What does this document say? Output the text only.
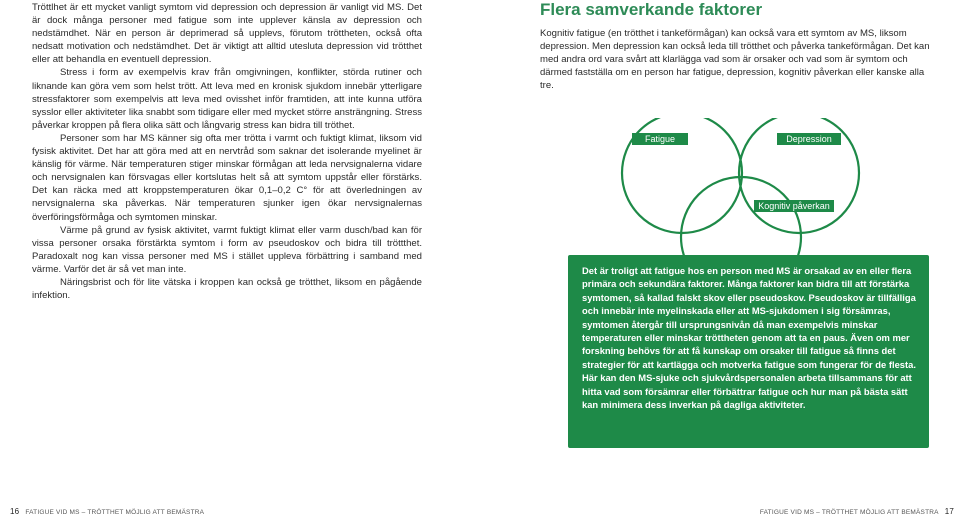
Tröttlhet är ett mycket vanligt symtom vid depression och depression är vanligt vid MS. Det är dock många personer med fatigue som inte upplever känsla av depression och nedstämdhet. När en person är deprimerad så upplevs, förutom tröttheten, också ofta nedsatt motivation och nedstämdhet. Det är viktigt att alltid utesluta depression vid trötthet eller att behandla en eventuell depression.

Stress i form av exempelvis krav från omgivningen, konflikter, störda rutiner och liknande kan göra vem som helst trött. Att leva med en kronisk sjukdom innebär ytterligare stressfaktorer som exempelvis att leva med ovisshet inför framtiden, att inte kunna utföra sysslor eller aktiviteter lika snabbt som tidigare eller med mycket större ansträngning. Stress påverkar kroppen på flera olika sätt och långvarig stress kan bidra till tröthet.

Personer som har MS känner sig ofta mer trötta i varmt och fuktigt klimat, liksom vid fysisk aktivitet. Det har att göra med att en nervtråd som saknar det isolerande myelinet är känslig för värme. När temperaturen stiger minskar förmågan att leda nervsignalerna vidare och nervsignalen kan försvagas eller kortslutas helt så att symtom uppstår eller förstärks. Det kan räcka med att kroppstemperaturen ökar 0,1–0,2 C° för att överledningen av nervsignalerna ska påverkas. När temperaturen sjunker igen ökar nervsignalernas överföringsförmåga och symtomen minskar.

Värme på grund av fysisk aktivitet, varmt fuktigt klimat eller varm dusch/bad kan för vissa personer orsaka förstärkta symtom i form av pseudoskov och bidra till tröttthet. Paradoxalt nog kan vissa personer med MS i stället uppleva förbättring i samband med värme. Varför det är så vet man inte.

Näringsbrist och för lite vätska i kroppen kan också ge trötthet, liksom en pågående infektion.

Flera samverkande faktorer

Kognitiv fatigue (en trötthet i tankeförmågan) kan också vara ett symtom av MS, liksom depression. Men depression kan också leda till trötthet och påverka tankeförmågan. Det kan med andra ord vara svårt att klarlägga vad som är orsaker och vad som är symtom och därmed fastställa om en person har fatigue, depression, kognitiv påverkan eller kanske alla tre.

Fatigue	Depression
Kognitiv påverkan

Det är troligt att fatigue hos en person med MS är orsakad av en eller flera primära och sekundära faktorer. Många faktorer kan bidra till att förstärka symtomen, så kallad falskt skov eller pseudoskov. Pseudoskov är tillfälliga och innebär inte myelinskada eller att MS-sjukdomen i sig försämras, symtomen återgår till ursprungsnivån då man exempelvis minskar temperaturen eller minskar tröttheten genom att ta en paus. Även om mer forskning behövs för att få kunskap om orsaker till fatigue så finns det strategier för att kartlägga och motverka fatigue som fungerar för de flesta. Här kan den MS-sjuke och sjukvårdspersonalen arbeta tillsammans för att hitta vad som försämrar eller förbättrar fatigue och hur man på bästa sätt kan minimera dess inverkan på dagliga aktiviteter.

16 FATIGUE VID MS – TRÖTTHET MÖJLIG ATT BEMÄSTRA	FATIGUE VID MS – TRÖTTHET MÖJLIG ATT BEMÄSTRA 17
